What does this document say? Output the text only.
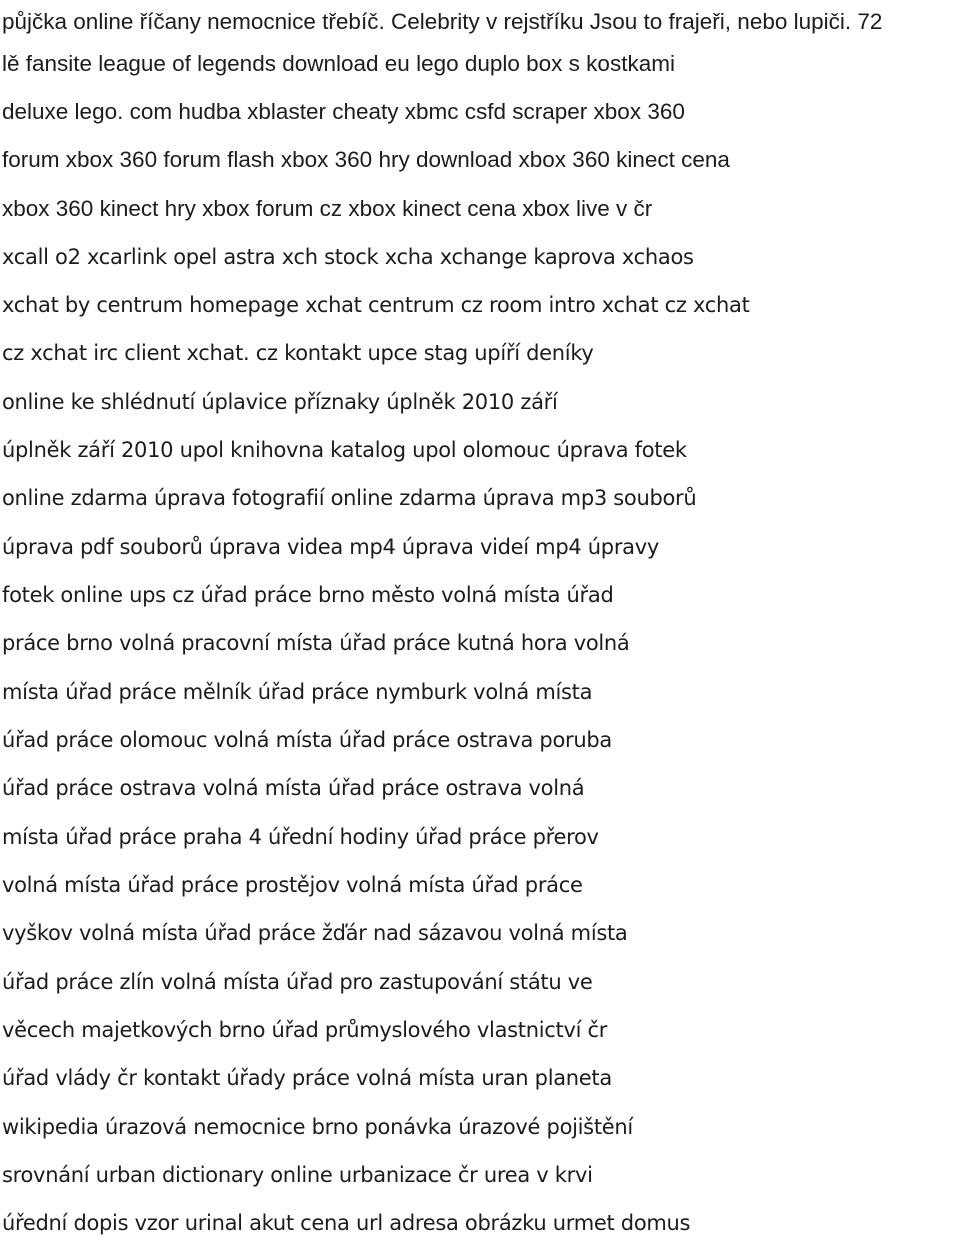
půjčka online říčany nemocnice třebíč. Celebrity v rejstříku Jsou to frajeři, nebo lupiči. 72
lě fansite league of legends download eu lego duplo box s kostkami
deluxe lego. com hudba xblaster cheaty xbmc csfd scraper xbox 360
forum xbox 360 forum flash xbox 360 hry download xbox 360 kinect cena
xbox 360 kinect hry xbox forum cz xbox kinect cena xbox live v čr
xcall o2 xcarlink opel astra xch stock xcha xchange kaprova xchaos
xchat by centrum homepage xchat centrum cz room intro xchat cz xchat
cz xchat irc client xchat. cz kontakt upce stag upíří deníky
online ke shlédnutí úplavice příznaky úplněk 2010 září
úplněk září 2010 upol knihovna katalog upol olomouc úprava fotek
online zdarma úprava fotografií online zdarma úprava mp3 souborů
úprava pdf souborů úprava videa mp4 úprava videí mp4 úpravy
fotek online ups cz úřad práce brno město volná místa úřad
práce brno volná pracovní místa úřad práce kutná hora volná
místa úřad práce mělník úřad práce nymburk volná místa
úřad práce olomouc volná místa úřad práce ostrava poruba
úřad práce ostrava volná místa úřad práce ostrava volná
místa úřad práce praha 4 úřední hodiny úřad práce přerov
volná místa úřad práce prostějov volná místa úřad práce
vyškov volná místa úřad práce žďár nad sázavou volná místa
úřad práce zlín volná místa úřad pro zastupování státu ve
věcech majetkových brno úřad průmyslového vlastnictví čr
úřad vlády čr kontakt úřady práce volná místa uran planeta
wikipedia úrazová nemocnice brno ponávka úrazové pojištění
srovnání urban dictionary online urbanizace čr urea v krvi
úřední dopis vzor urinal akut cena url adresa obrázku urmet domus
